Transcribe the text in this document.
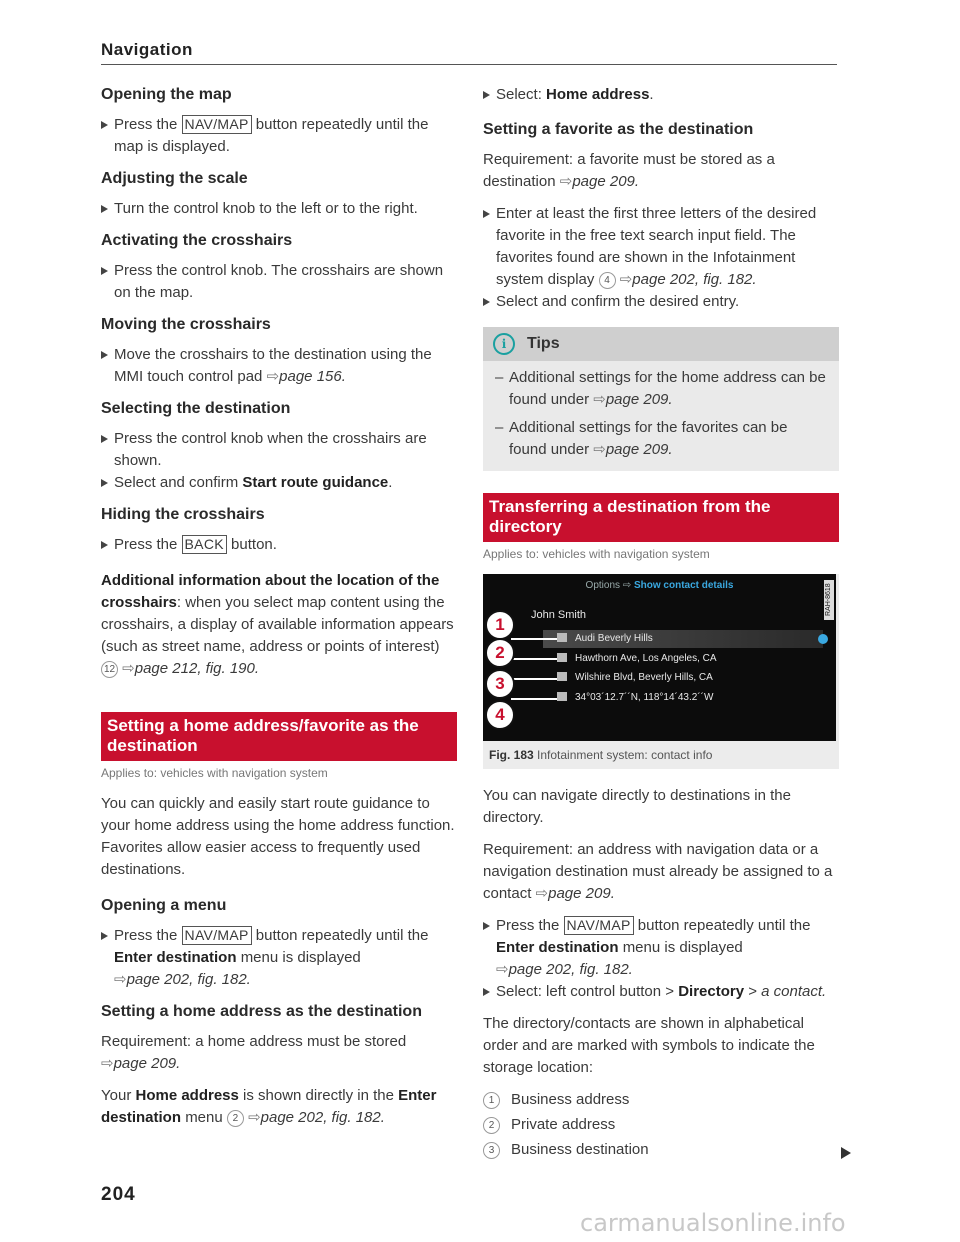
Navigation
Opening the map

Press the NAV/MAP button repeatedly until the map is displayed.

Adjusting the scale

Turn the control knob to the left or to the right.

Activating the crosshairs

Press the control knob. The crosshairs are shown on the map.

Moving the crosshairs

Move the crosshairs to the destination using the MMI touch control pad ⇨page 156.

Selecting the destination

Press the control knob when the crosshairs are shown.

Select and confirm Start route guidance.

Hiding the crosshairs

Press the BACK button.

Additional information about the location of the crosshairs: when you select map content using the crosshairs, a display of available information appears (such as street name, address or points of interest) 12 ⇨page 212, fig. 190.

Setting a home address/favorite as the destination
Applies to: vehicles with navigation system

You can quickly and easily start route guidance to your home address using the home address function. Favorites allow easier access to frequently used destinations.

Opening a menu

Press the NAV/MAP button repeatedly until the Enter destination menu is displayed
⇨page 202, fig. 182.

Setting a home address as the destination

Requirement: a home address must be stored
⇨page 209.

Your Home address is shown directly in the Enter destination menu 2 ⇨page 202, fig. 182.

Select: Home address.

Setting a favorite as the destination

Requirement: a favorite must be stored as a destination ⇨page 209.

Enter at least the first three letters of the desired favorite in the free text search input field. The favorites found are shown in the Infotainment system display 4 ⇨page 202, fig. 182.

Select and confirm the desired entry.

i	Tips
– Additional settings for the home address can be found under ⇨page 209.
– Additional settings for the favorites can be found under ⇨page 209.
Transferring a destination from the directory
Applies to: vehicles with navigation system
Options ⇨ Show contact details	RAH-8618
John Smith
Audi Beverly Hills
Hawthorn Ave, Los Angeles, CA
Wilshire Blvd, Beverly Hills, CA
34°03´12.7´´N, 118°14´43.2´´W
1
2
3
4
Fig. 183 Infotainment system: contact info

You can navigate directly to destinations in the directory.

Requirement: an address with navigation data or a navigation destination must already be assigned to a contact ⇨page 209.

Press the NAV/MAP button repeatedly until the Enter destination menu is displayed
⇨page 202, fig. 182.

Select: left control button > Directory > a contact.

The directory/contacts are shown in alphabetical order and are marked with symbols to indicate the storage location:

1	Business address
2	Private address
3	Business destination
204
carmanualsonline.info
